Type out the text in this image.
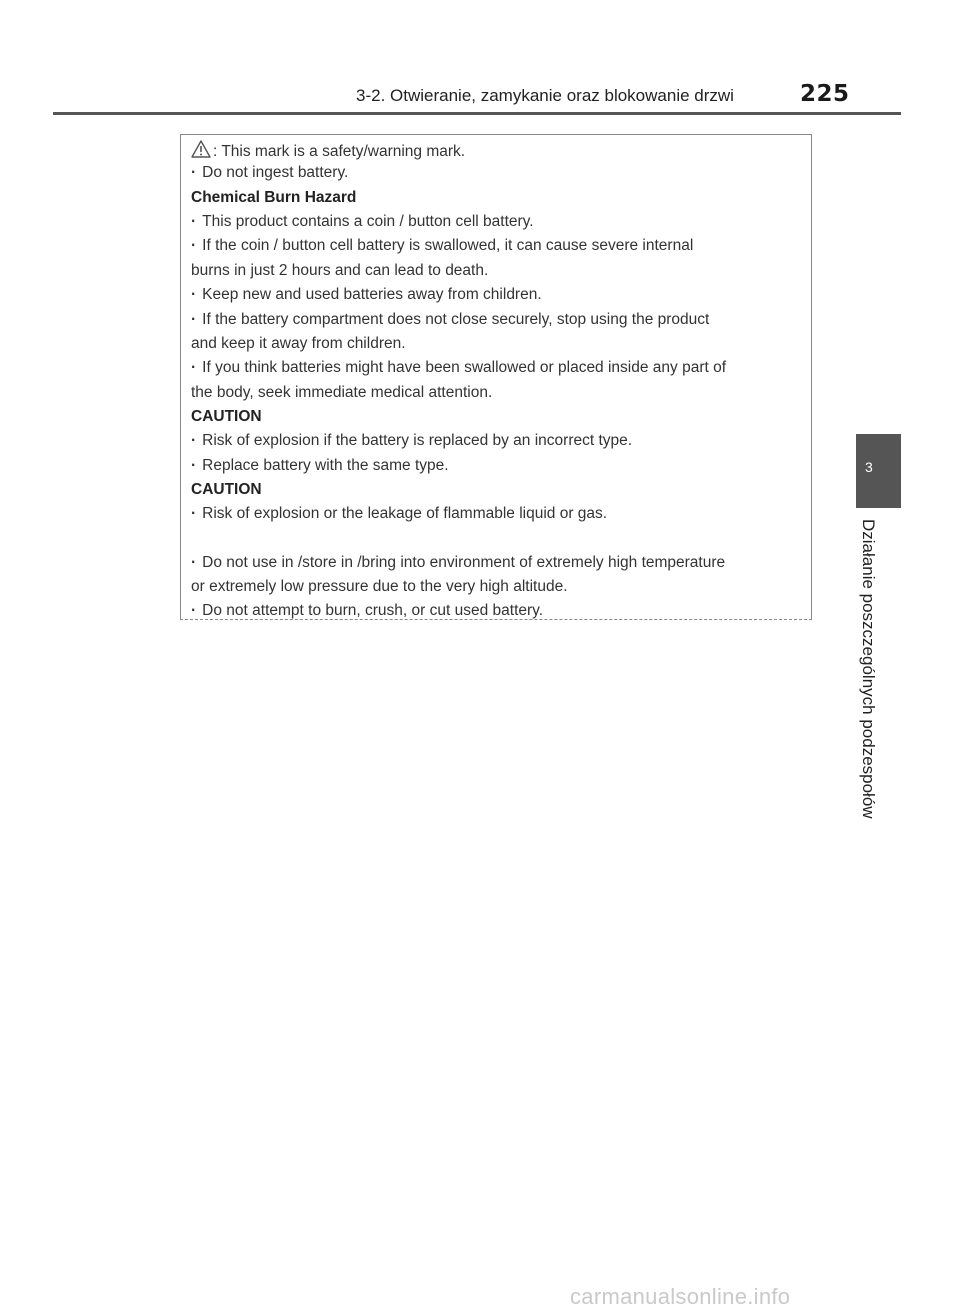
3-2. Otwieranie, zamykanie oraz blokowanie drzwi	225
3
Działanie poszczególnych podzespołów
: This mark is a safety/warning mark.
· Do not ingest battery.
Chemical Burn Hazard
· This product contains a coin / button cell battery.
· If the coin / button cell battery is swallowed, it can cause severe internal
burns in just 2 hours and can lead to death.
· Keep new and used batteries away from children.
· If the battery compartment does not close securely, stop using the product
and keep it away from children.
· If you think batteries might have been swallowed or placed inside any part of
the body, seek immediate medical attention.
CAUTION
· Risk of explosion if the battery is replaced by an incorrect type.
· Replace battery with the same type.
CAUTION
· Risk of explosion or the leakage of flammable liquid or gas.
· Do not use in /store in /bring into environment of extremely high temperature
or extremely low pressure due to the very high altitude.
· Do not attempt to burn, crush, or cut used battery.
carmanualsonline.info
